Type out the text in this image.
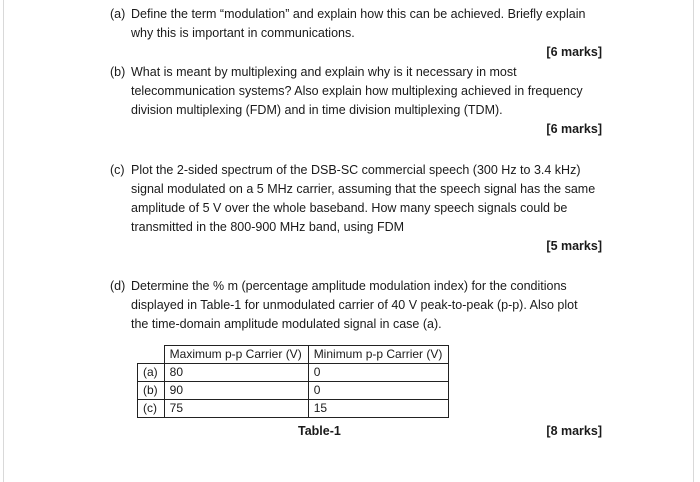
(a) Define the term “modulation” and explain how this can be achieved. Briefly explain
why this is important in communications.
[6 marks]
(b) What is meant by multiplexing and explain why is it necessary in most
telecommunication systems? Also explain how multiplexing achieved in frequency
division multiplexing (FDM) and in time division multiplexing (TDM).
[6 marks]
(c) Plot the 2-sided spectrum of the DSB-SC commercial speech (300 Hz to 3.4 kHz)
signal modulated on a 5 MHz carrier, assuming that the speech signal has the same
amplitude of 5 V over the whole baseband. How many speech signals could be
transmitted in the 800-900 MHz band, using FDM
[5 marks]
(d) Determine the % m (percentage amplitude modulation index) for the conditions
displayed in Table-1 for unmodulated carrier of 40 V peak-to-peak (p-p). Also plot
the time-domain amplitude modulated signal in case (a).
	Maximum p-p Carrier (V)	Minimum p-p Carrier (V)
(a)	80	0
(b)	90	0
(c)	75	15
Table-1	[8 marks]
